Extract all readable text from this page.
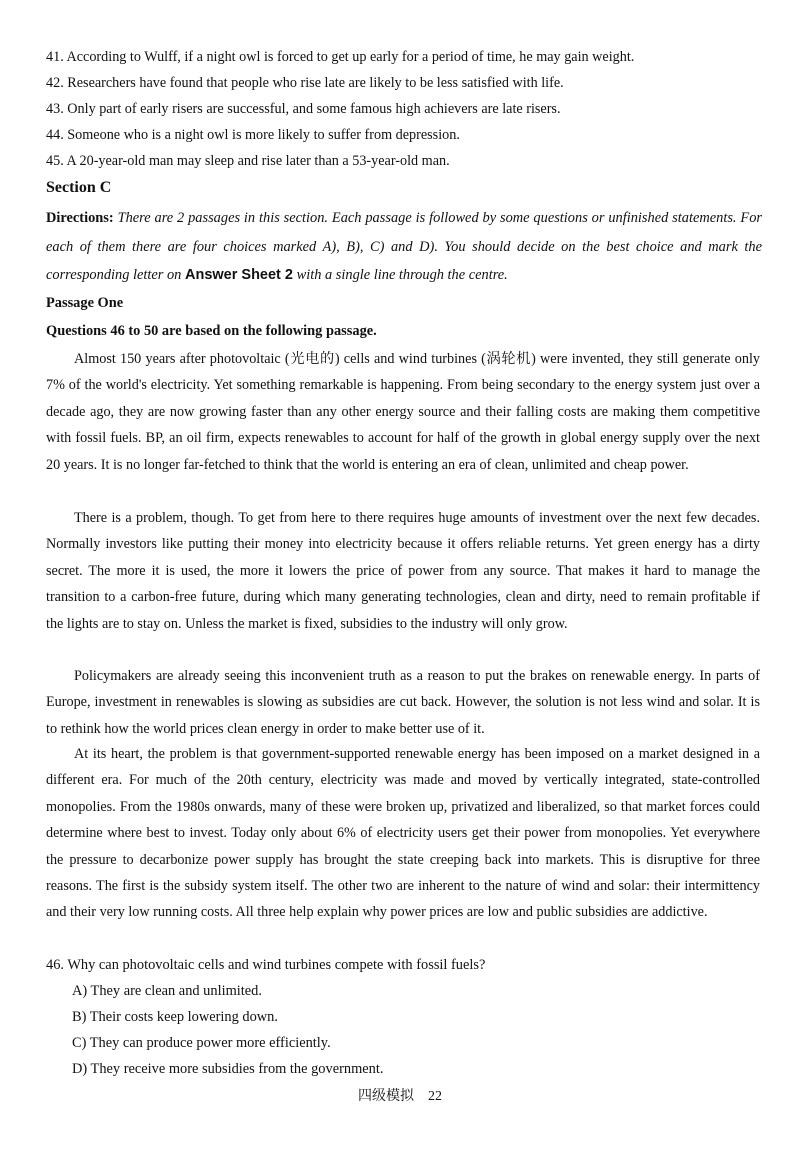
41. According to Wulff, if a night owl is forced to get up early for a period of time, he may gain weight.
42. Researchers have found that people who rise late are likely to be less satisfied with life.
43. Only part of early risers are successful, and some famous high achievers are late risers.
44. Someone who is a night owl is more likely to suffer from depression.
45. A 20-year-old man may sleep and rise later than a 53-year-old man.
Section C
Directions: There are 2 passages in this section. Each passage is followed by some questions or unfinished statements. For each of them there are four choices marked A), B), C) and D). You should decide on the best choice and mark the corresponding letter on Answer Sheet 2 with a single line through the centre.
Passage One
Questions 46 to 50 are based on the following passage.
Almost 150 years after photovoltaic (光电的) cells and wind turbines (涡轮机) were invented, they still generate only 7% of the world's electricity. Yet something remarkable is happening. From being secondary to the energy system just over a decade ago, they are now growing faster than any other energy source and their falling costs are making them competitive with fossil fuels. BP, an oil firm, expects renewables to account for half of the growth in global energy supply over the next 20 years. It is no longer far-fetched to think that the world is entering an era of clean, unlimited and cheap power.
There is a problem, though. To get from here to there requires huge amounts of investment over the next few decades. Normally investors like putting their money into electricity because it offers reliable returns. Yet green energy has a dirty secret. The more it is used, the more it lowers the price of power from any source. That makes it hard to manage the transition to a carbon-free future, during which many generating technologies, clean and dirty, need to remain profitable if the lights are to stay on. Unless the market is fixed, subsidies to the industry will only grow.
Policymakers are already seeing this inconvenient truth as a reason to put the brakes on renewable energy. In parts of Europe, investment in renewables is slowing as subsidies are cut back. However, the solution is not less wind and solar. It is to rethink how the world prices clean energy in order to make better use of it.
At its heart, the problem is that government-supported renewable energy has been imposed on a market designed in a different era. For much of the 20th century, electricity was made and moved by vertically integrated, state-controlled monopolies. From the 1980s onwards, many of these were broken up, privatized and liberalized, so that market forces could determine where best to invest. Today only about 6% of electricity users get their power from monopolies. Yet everywhere the pressure to decarbonize power supply has brought the state creeping back into markets. This is disruptive for three reasons. The first is the subsidy system itself. The other two are inherent to the nature of wind and solar: their intermittency and their very low running costs. All three help explain why power prices are low and public subsidies are addictive.
46. Why can photovoltaic cells and wind turbines compete with fossil fuels?
A) They are clean and unlimited.
B) Their costs keep lowering down.
C) They can produce power more efficiently.
D) They receive more subsidies from the government.
四级模拟 22
